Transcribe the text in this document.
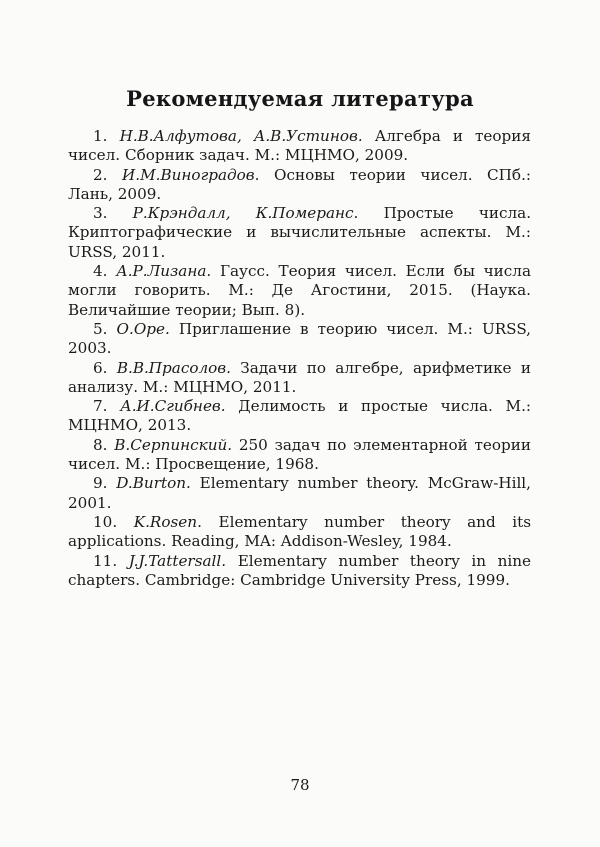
Рекомендуемая литература

1. Н.В.Алфутова, А.В.Устинов. Алгебра и теория чисел. Сборник задач. М.: МЦНМО, 2009.

2. И.М.Виноградов. Основы теории чисел. СПб.: Лань, 2009.

3. Р.Крэндалл, К.Померанс. Простые числа. Криптографические и вычислительные аспекты. М.: URSS, 2011.

4. А.Р.Лизана. Гаусс. Теория чисел. Если бы числа могли говорить. М.: Де Агостини, 2015. (Наука. Величайшие теории; Вып. 8).

5. О.Оре. Приглашение в теорию чисел. М.: URSS, 2003.

6. В.В.Прасолов. Задачи по алгебре, арифметике и анализу. М.: МЦНМО, 2011.

7. А.И.Сгибнев. Делимость и простые числа. М.: МЦНМО, 2013.

8. В.Серпинский. 250 задач по элементарной теории чисел. М.: Просвещение, 1968.

9. D.Burton. Elementary number theory. McGraw-Hill, 2001.

10. K.Rosen. Elementary number theory and its applications. Reading, MA: Addison-Wesley, 1984.

11. J.J.Tattersall. Elementary number theory in nine chapters. Cambridge: Cambridge University Press, 1999.

78
